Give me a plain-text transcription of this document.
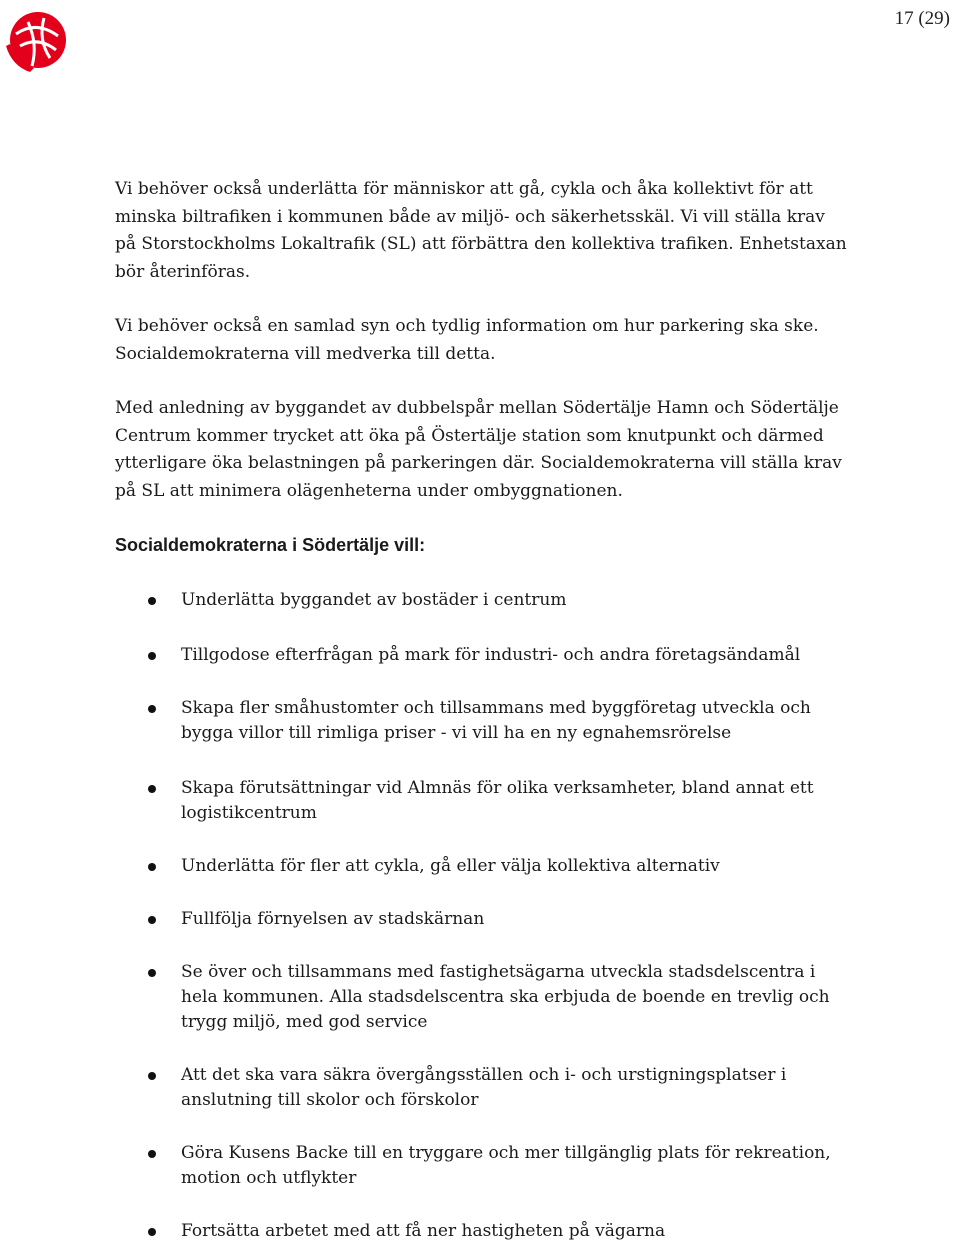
17 (29)

Vi behöver också underlätta för människor att gå, cykla och åka kollektivt för att minska biltrafiken i kommunen både av miljö- och säkerhetsskäl. Vi vill ställa krav på Storstockholms Lokaltrafik (SL) att förbättra den kollektiva trafiken. Enhetstaxan bör återinföras.

Vi behöver också en samlad syn och tydlig information om hur parkering ska ske. Socialdemokraterna vill medverka till detta.

Med anledning av byggandet av dubbelspår mellan Södertälje Hamn och Södertälje Centrum kommer trycket att öka på Östertälje station som knutpunkt och därmed ytterligare öka belastningen på parkeringen där. Socialdemokraterna vill ställa krav på SL att minimera olägenheterna under ombyggnationen.

Socialdemokraterna i Södertälje vill:
Underlätta byggandet av bostäder i centrum
Tillgodose efterfrågan på mark för industri- och andra företagsändamål
Skapa fler småhustomter och tillsammans med byggföretag utveckla och bygga villor till rimliga priser - vi vill ha en ny egnahemsrörelse
Skapa förutsättningar vid Almnäs för olika verksamheter, bland annat ett logistikcentrum
Underlätta för fler att cykla, gå eller välja kollektiva alternativ
Fullfölja förnyelsen av stadskärnan
Se över och tillsammans med fastighetsägarna utveckla stadsdelscentra i hela kommunen. Alla stadsdelscentra ska erbjuda de boende en trevlig och trygg miljö, med god service
Att det ska vara säkra övergångsställen och i- och urstigningsplatser i anslutning till skolor och förskolor
Göra Kusens Backe till en tryggare och mer tillgänglig plats för rekreation, motion och utflykter
Fortsätta arbetet med att få ner hastigheten på vägarna
